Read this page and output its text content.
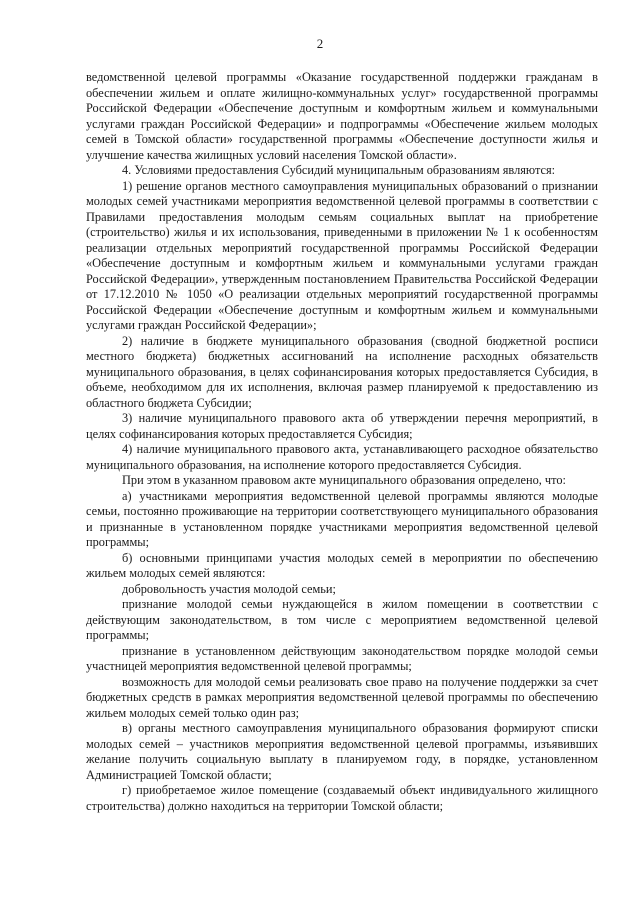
2

ведомственной целевой программы «Оказание государственной поддержки гражданам в обеспечении жильем и оплате жилищно-коммунальных услуг» государственной программы Российской Федерации «Обеспечение доступным и комфортным жильем и коммунальными услугами граждан Российской Федерации» и подпрограммы «Обеспечение жильем молодых семей в Томской области» государственной программы «Обеспечение доступности жилья и улучшение качества жилищных условий населения Томской области».

4. Условиями предоставления Субсидий муниципальным образованиям являются:

1) решение органов местного самоуправления муниципальных образований о признании молодых семей участниками мероприятия ведомственной целевой программы в соответствии с Правилами предоставления молодым семьям социальных выплат на приобретение (строительство) жилья и их использования, приведенными в приложении № 1 к особенностям реализации отдельных мероприятий государственной программы Российской Федерации «Обеспечение доступным и комфортным жильем и коммунальными услугами граждан Российской Федерации», утвержденным постановлением Правительства Российской Федерации от 17.12.2010 № 1050 «О реализации отдельных мероприятий государственной программы Российской Федерации «Обеспечение доступным и комфортным жильем и коммунальными услугами граждан Российской Федерации»;

2) наличие в бюджете муниципального образования (сводной бюджетной росписи местного бюджета) бюджетных ассигнований на исполнение расходных обязательств муниципального образования, в целях софинансирования которых предоставляется Субсидия, в объеме, необходимом для их исполнения, включая размер планируемой к предоставлению из областного бюджета Субсидии;

3) наличие муниципального правового акта об утверждении перечня мероприятий, в целях софинансирования которых предоставляется Субсидия;

4) наличие муниципального правового акта, устанавливающего расходное обязательство муниципального образования, на исполнение которого предоставляется Субсидия.

При этом в указанном правовом акте муниципального образования определено, что:

а) участниками мероприятия ведомственной целевой программы являются молодые семьи, постоянно проживающие на территории соответствующего муниципального образования и признанные в установленном порядке участниками мероприятия ведомственной целевой программы;

б) основными принципами участия молодых семей в мероприятии по обеспечению жильем молодых семей являются:

добровольность участия молодой семьи;

признание молодой семьи нуждающейся в жилом помещении в соответствии с действующим законодательством, в том числе с мероприятием ведомственной целевой программы;

признание в установленном действующим законодательством порядке молодой семьи участницей мероприятия ведомственной целевой программы;

возможность для молодой семьи реализовать свое право на получение поддержки за счет бюджетных средств в рамках мероприятия ведомственной целевой программы по обеспечению жильем молодых семей только один раз;

в) органы местного самоуправления муниципального образования формируют списки молодых семей – участников мероприятия ведомственной целевой программы, изъявивших желание получить социальную выплату в планируемом году, в порядке, установленном Администрацией Томской области;

г) приобретаемое жилое помещение (создаваемый объект индивидуального жилищного строительства) должно находиться на территории Томской области;
